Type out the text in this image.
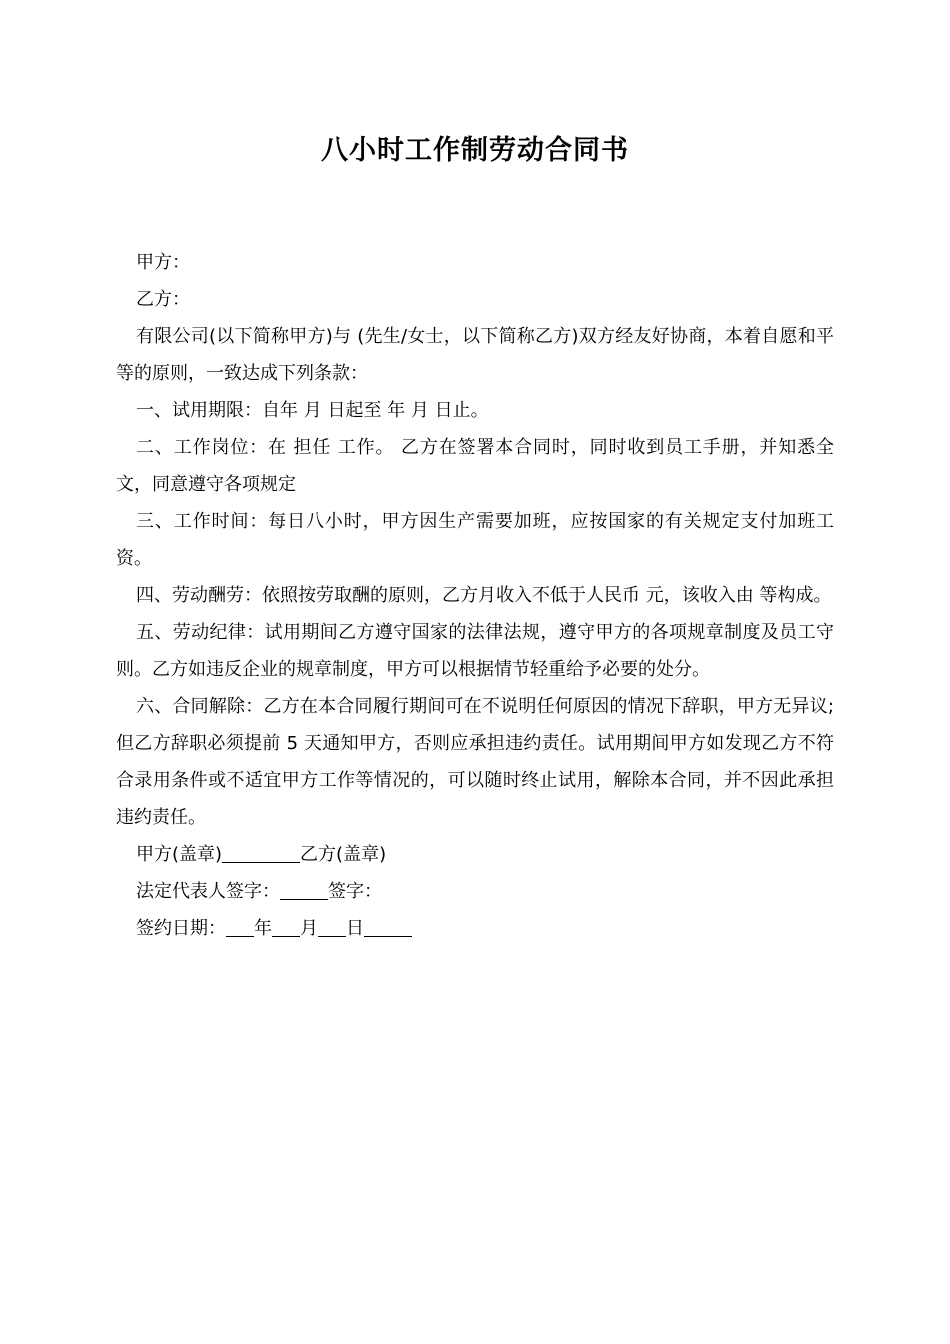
八小时工作制劳动合同书

甲方：

乙方：

有限公司(以下简称甲方)与 (先生/女士，以下简称乙方)双方经友好协商，本着自愿和平等的原则，一致达成下列条款：

一、试用期限：自年 月 日起至 年 月 日止。

二、工作岗位：在 担任 工作。 乙方在签署本合同时，同时收到员工手册，并知悉全文，同意遵守各项规定

三、工作时间：每日八小时，甲方因生产需要加班，应按国家的有关规定支付加班工资。

四、劳动酬劳：依照按劳取酬的原则，乙方月收入不低于人民币 元，该收入由 等构成。

五、劳动纪律：试用期间乙方遵守国家的法律法规，遵守甲方的各项规章制度及员工守则。乙方如违反企业的规章制度，甲方可以根据情节轻重给予必要的处分。

六、合同解除：乙方在本合同履行期间可在不说明任何原因的情况下辞职，甲方无异议;但乙方辞职必须提前 5 天通知甲方，否则应承担违约责任。试用期间甲方如发现乙方不符合录用条件或不适宜甲方工作等情况的，可以随时终止试用，解除本合同，并不因此承担违约责任。

甲方(盖章)	乙方(盖章)

法定代表人签字：	签字：

签约日期： 年 月 日
